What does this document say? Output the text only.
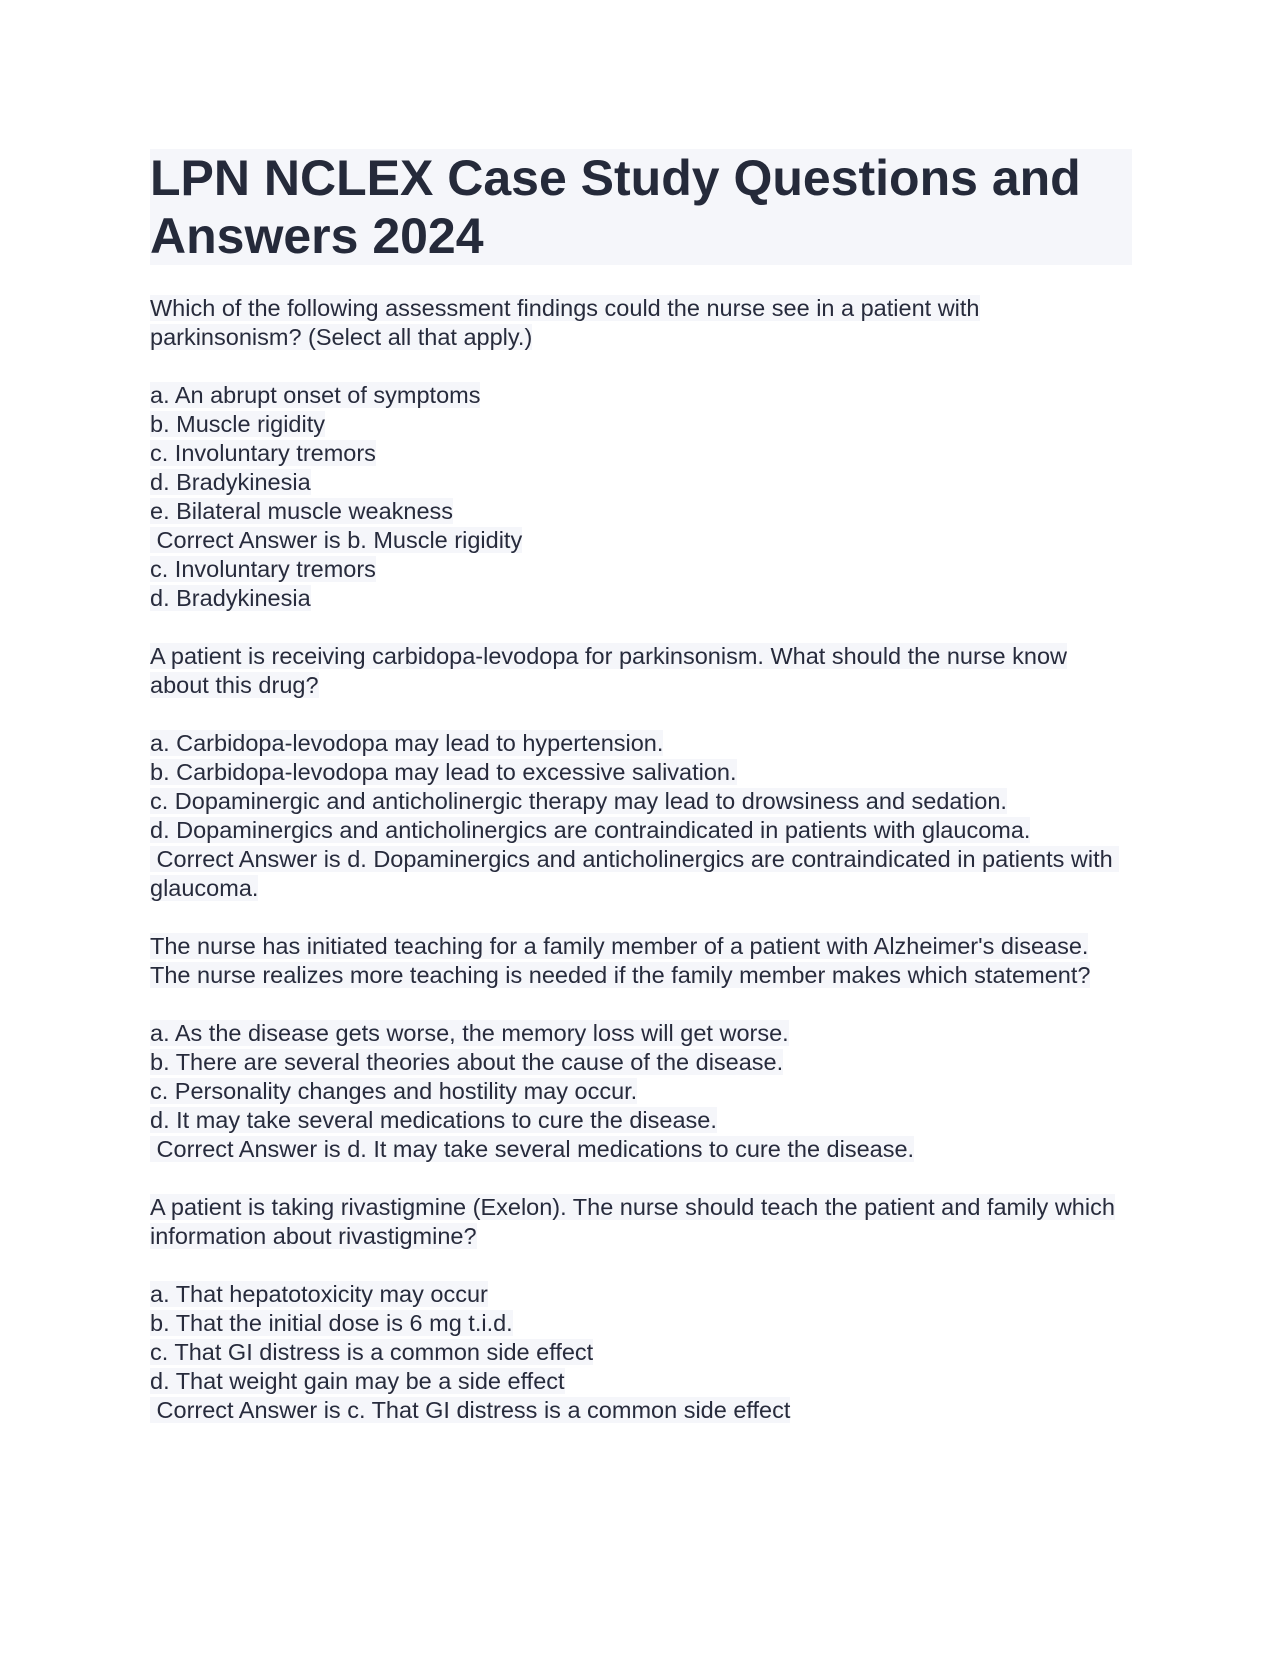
LPN NCLEX Case Study Questions and Answers 2024
Which of the following assessment findings could the nurse see in a patient with parkinsonism? (Select all that apply.)
a. An abrupt onset of symptoms
b. Muscle rigidity
c. Involuntary tremors
d. Bradykinesia
e. Bilateral muscle weakness
Correct Answer is b. Muscle rigidity
c. Involuntary tremors
d. Bradykinesia
A patient is receiving carbidopa-levodopa for parkinsonism. What should the nurse know about this drug?
a. Carbidopa-levodopa may lead to hypertension.
b. Carbidopa-levodopa may lead to excessive salivation.
c. Dopaminergic and anticholinergic therapy may lead to drowsiness and sedation.
d. Dopaminergics and anticholinergics are contraindicated in patients with glaucoma.
Correct Answer is d. Dopaminergics and anticholinergics are contraindicated in patients with glaucoma.
The nurse has initiated teaching for a family member of a patient with Alzheimer's disease. The nurse realizes more teaching is needed if the family member makes which statement?
a. As the disease gets worse, the memory loss will get worse.
b. There are several theories about the cause of the disease.
c. Personality changes and hostility may occur.
d. It may take several medications to cure the disease.
Correct Answer is d. It may take several medications to cure the disease.
A patient is taking rivastigmine (Exelon). The nurse should teach the patient and family which information about rivastigmine?
a. That hepatotoxicity may occur
b. That the initial dose is 6 mg t.i.d.
c. That GI distress is a common side effect
d. That weight gain may be a side effect
Correct Answer is c. That GI distress is a common side effect
